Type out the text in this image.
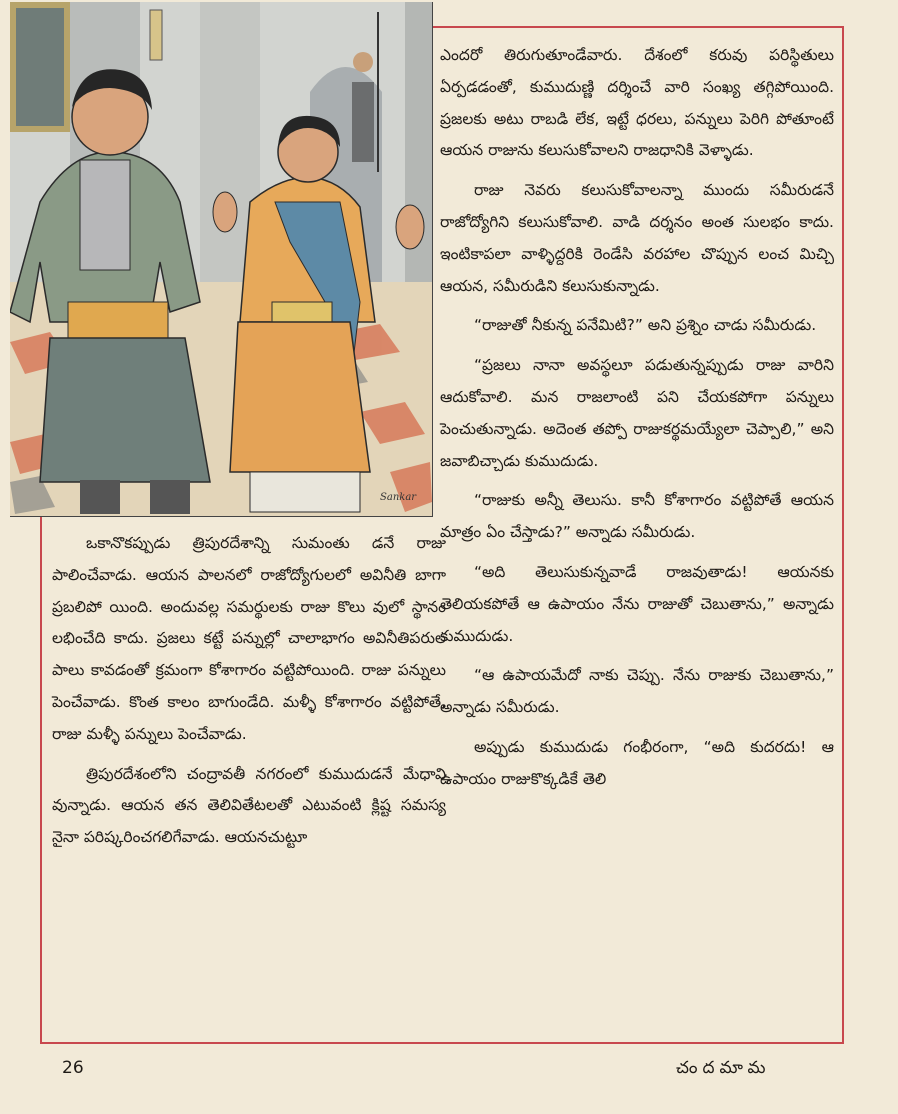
Sankar

ఎందరో తిరుగుతూండేవారు. దేశంలో కరువు పరిస్థితులు ఏర్పడడంతో, కుముదుణ్ణి దర్శించే వారి సంఖ్య తగ్గిపోయింది. ప్రజలకు అటు రాబడి లేక, ఇట్టే ధరలు, పన్నులు పెరిగి పోతూంటే ఆయన రాజును కలుసుకోవాలని రాజధానికి వెళ్ళాడు.

రాజు నెవరు కలుసుకోవాలన్నా ముందు సమీరుడనే రాజోద్యోగిని కలుసుకోవాలి. వాడి దర్శనం అంత సులభం కాదు. ఇంటికాపలా వాళ్ళిద్దరికి రెండేసి వరహాల చొప్పున లంచ మిచ్చి ఆయన, సమీరుడిని కలుసుకున్నాడు.

“రాజుతో నీకున్న పనేమిటి?” అని ప్రశ్నిం చాడు సమీరుడు.

“ప్రజలు నానా అవస్థలూ పడుతున్నప్పుడు రాజు వారిని ఆదుకోవాలి. మన రాజలాంటి పని చేయకపోగా పన్నులు పెంచుతున్నాడు. అదెంత తప్పో రాజుకర్థమయ్యేలా చెప్పాలి,” అని జవాబిచ్చాడు కుముదుడు.

“రాజుకు అన్నీ తెలుసు. కానీ కోశాగారం వట్టిపోతే ఆయన మాత్రం ఏం చేస్తాడు?” అన్నాడు సమీరుడు.

“అది తెలుసుకున్నవాడే రాజవుతాడు! ఆయనకు తెలియకపోతే ఆ ఉపాయం నేను రాజుతో చెబుతాను,” అన్నాడు కుముదుడు.

“ఆ ఉపాయమేదో నాకు చెప్పు. నేను రాజుకు చెబుతాను,” అన్నాడు సమీరుడు.

అప్పుడు కుముదుడు గంభీరంగా, “అది కుదరదు! ఆ ఉపాయం రాజుకొక్కడికే తెలి

ఒకానొకప్పుడు త్రిపురదేశాన్ని సుమంతు డనే రాజు పాలించేవాడు. ఆయన పాలనలో రాజోద్యోగులలో అవినీతి బాగా ప్రబలిపో యింది. అందువల్ల సమర్థులకు రాజు కొలు వులో స్థానం లభించేది కాదు. ప్రజలు కట్టే పన్నుల్లో చాలాభాగం అవినీతిపరుల పాలు కావడంతో క్రమంగా కోశాగారం వట్టిపోయింది. రాజు పన్నులు పెంచేవాడు. కొంత కాలం బాగుండేది. మళ్ళీ కోశాగారం వట్టిపోతే, రాజు మళ్ళీ పన్నులు పెంచేవాడు.

త్రిపురదేశంలోని చంద్రావతీ నగరంలో కుముదుడనే మేధావి వున్నాడు. ఆయన తన తెలివితేటలతో ఎటువంటి క్లిష్ట సమస్య నైనా పరిష్కరించగలిగేవాడు. ఆయనచుట్టూ

26	చందమామ
